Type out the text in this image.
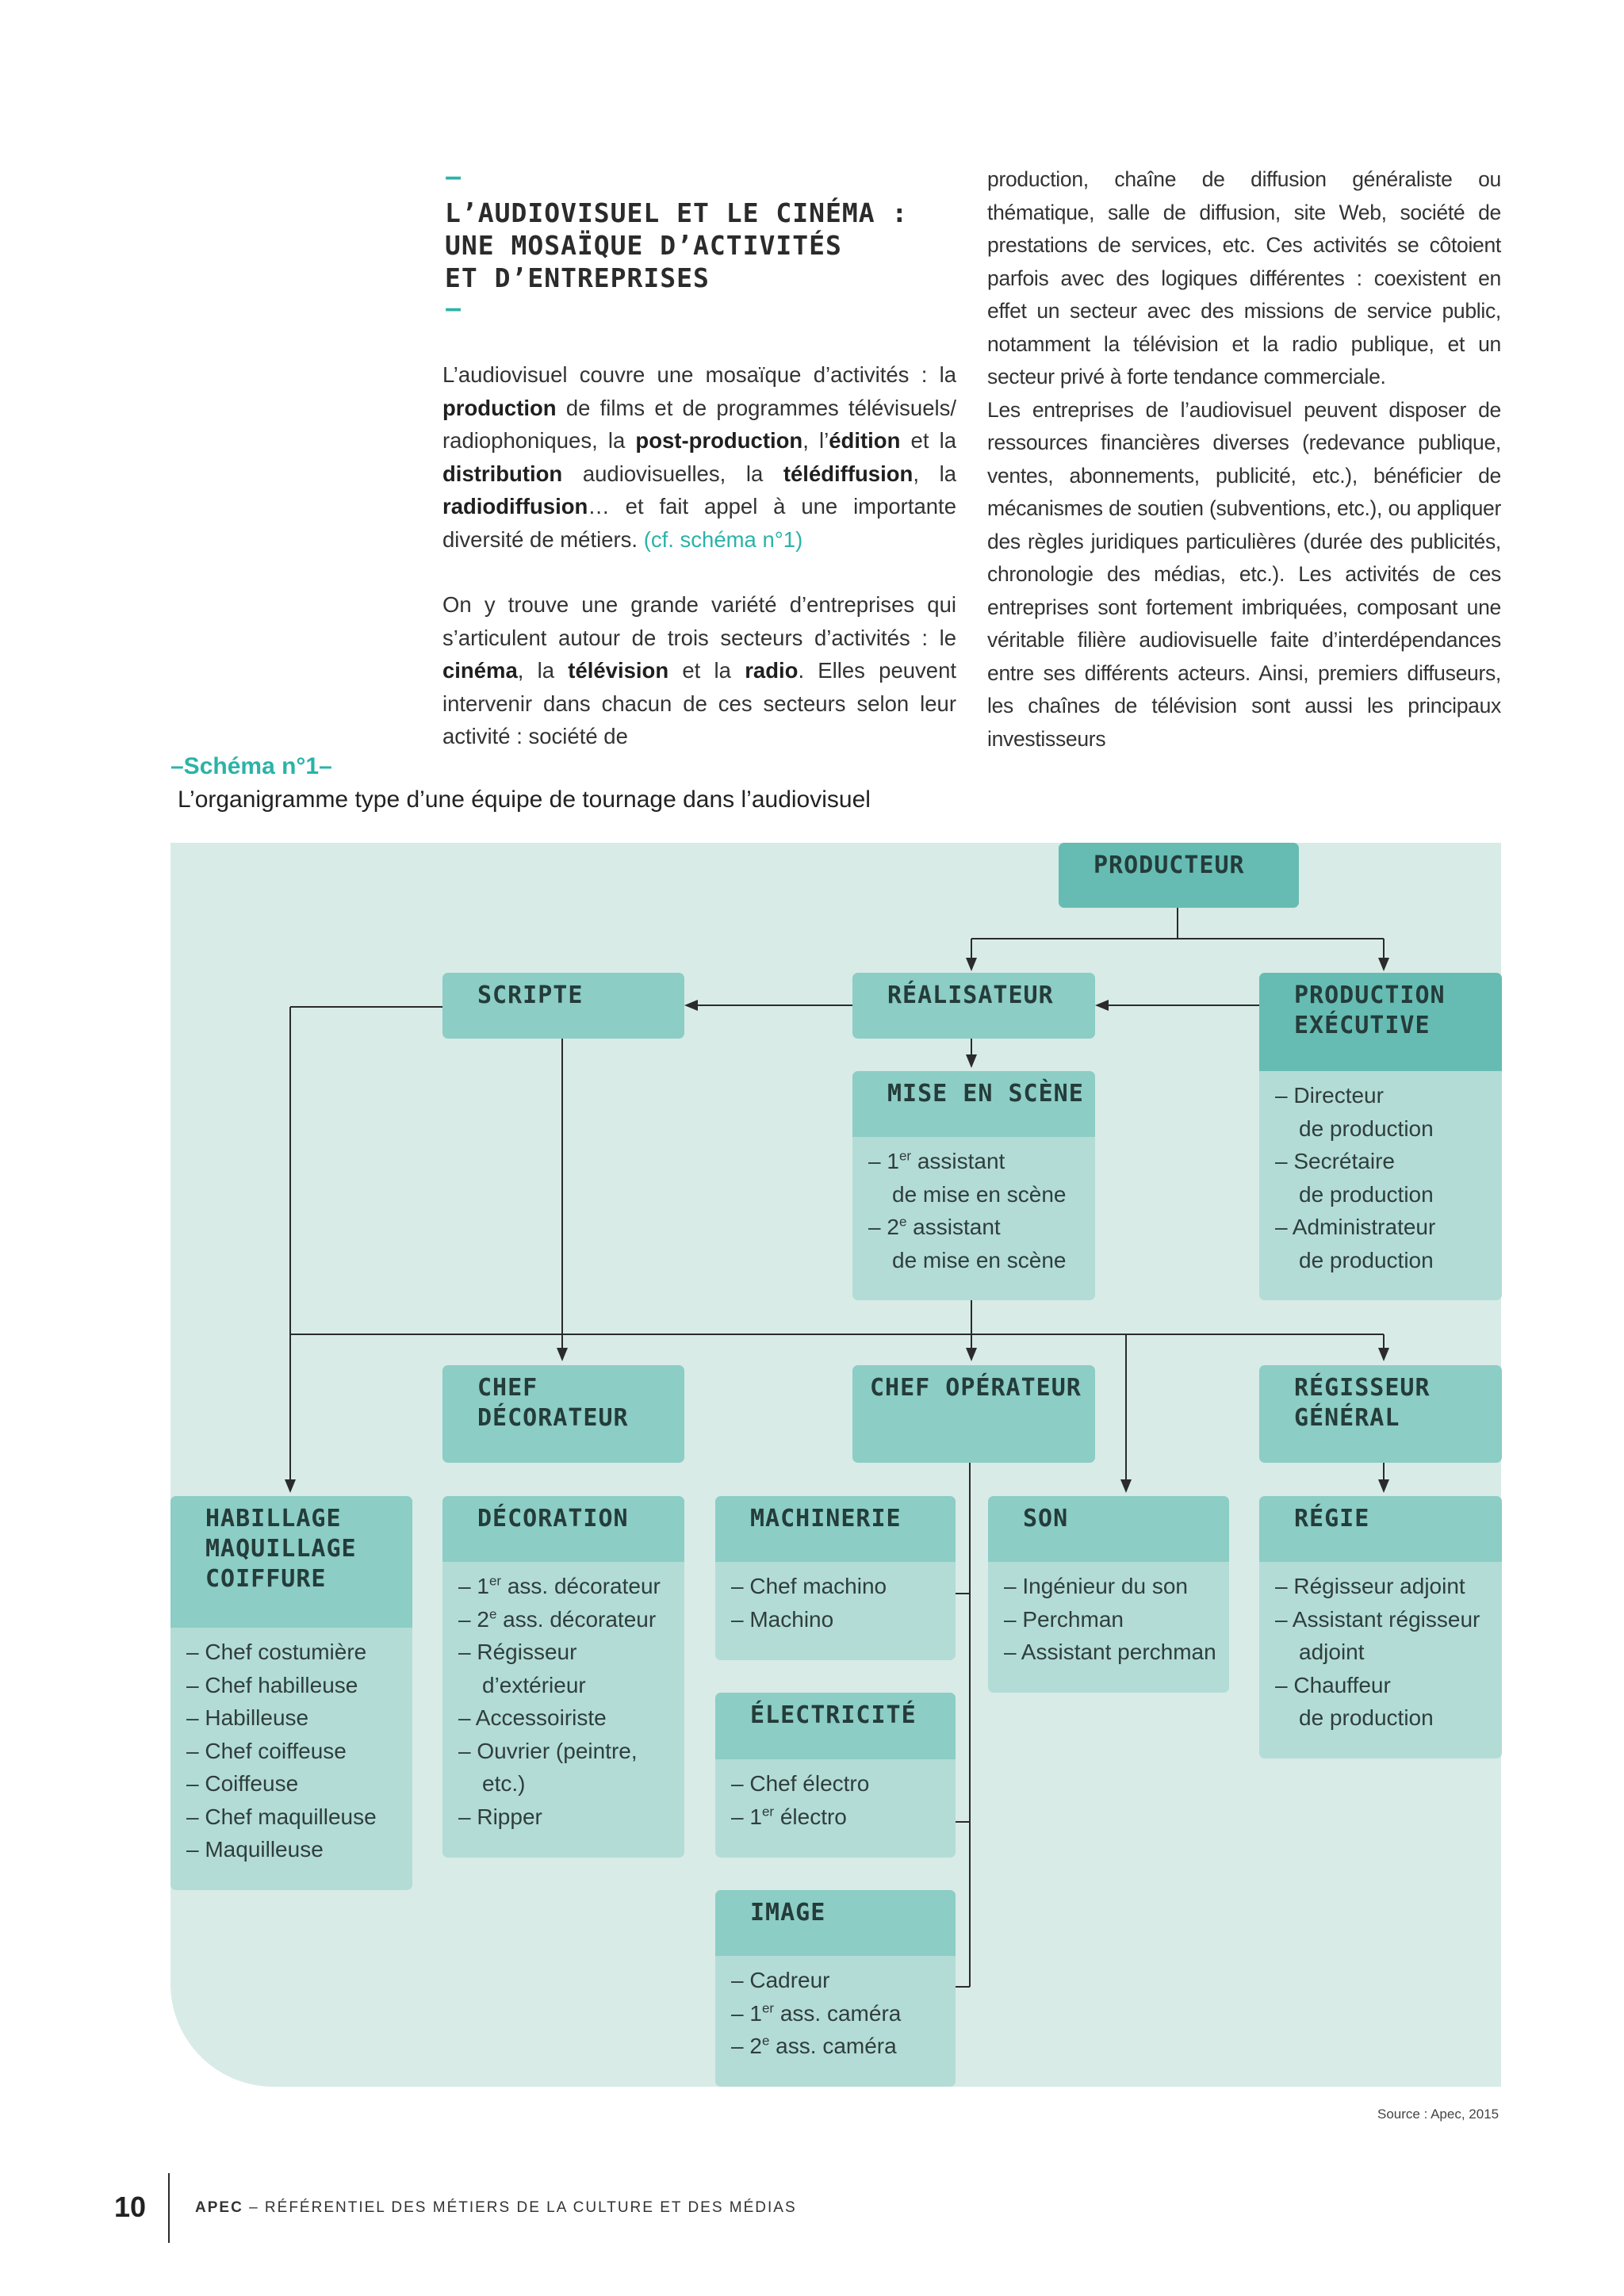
–
L’AUDIOVISUEL ET LE CINÉMA :
UNE MOSAÏQUE D’ACTIVITÉS
ET D’ENTREPRISES
–

L’audiovisuel couvre une mosaïque d’activités : la production de films et de programmes télévisuels/ radiophoniques, la post-production, l’édition et la distribution audiovisuelles, la télédiffusion, la radiodiffusion… et fait appel à une importante diversité de métiers. (cf. schéma n°1)

On y trouve une grande variété d’entreprises qui s’articulent autour de trois secteurs d’activités : le cinéma, la télévision et la radio. Elles peuvent intervenir dans chacun de ces secteurs selon leur activité : société de

production, chaîne de diffusion généraliste ou thématique, salle de diffusion, site Web, société de prestations de services, etc. Ces activités se côtoient parfois avec des logiques différentes : coexistent en effet un secteur avec des missions de service public, notamment la télévision et la radio publique, et un secteur privé à forte tendance commerciale.

Les entreprises de l’audiovisuel peuvent disposer de ressources financières diverses (redevance publique, ventes, abonnements, publicité, etc.), bénéficier de mécanismes de soutien (subventions, etc.), ou appliquer des règles juridiques particulières (durée des publicités, chronologie des médias, etc.). Les activités de ces entreprises sont fortement imbriquées, composant une véritable filière audiovisuelle faite d’interdépendances entre ses différents acteurs. Ainsi, premiers diffuseurs, les chaînes de télévision sont aussi les principaux investisseurs

–Schéma n°1–
L’organigramme type d’une équipe de tournage dans l’audiovisuel
PRODUCTEUR
SCRIPTE	RÉALISATEUR	PRODUCTION
EXÉCUTIVE
– Directeur
de production
– Secrétaire
de production
– Administrateur
de production
MISE EN SCÈNE
– 1er assistant
de mise en scène
– 2e assistant
de mise en scène
CHEF
DÉCORATEUR
CHEF OPÉRATEUR	RÉGISSEUR
GÉNÉRAL
HABILLAGE
MAQUILLAGE
COIFFURE
– Chef costumière
– Chef habilleuse
– Habilleuse
– Chef coiffeuse
– Coiffeuse
– Chef maquilleuse
– Maquilleuse
DÉCORATION
– 1er ass. décorateur
– 2e ass. décorateur
– Régisseur
d’extérieur
– Accessoiriste
– Ouvrier (peintre,
etc.)
– Ripper
MACHINERIE
– Chef machino
– Machino
ÉLECTRICITÉ
– Chef électro
– 1er électro
IMAGE
– Cadreur
– 1er ass. caméra
– 2e ass. caméra
SON
– Ingénieur du son
– Perchman
– Assistant perchman
RÉGIE
– Régisseur adjoint
– Assistant régisseur
adjoint
– Chauffeur
de production
Source : Apec, 2015
10	APEC – RÉFÉRENTIEL DES MÉTIERS DE LA CULTURE ET DES MÉDIAS
